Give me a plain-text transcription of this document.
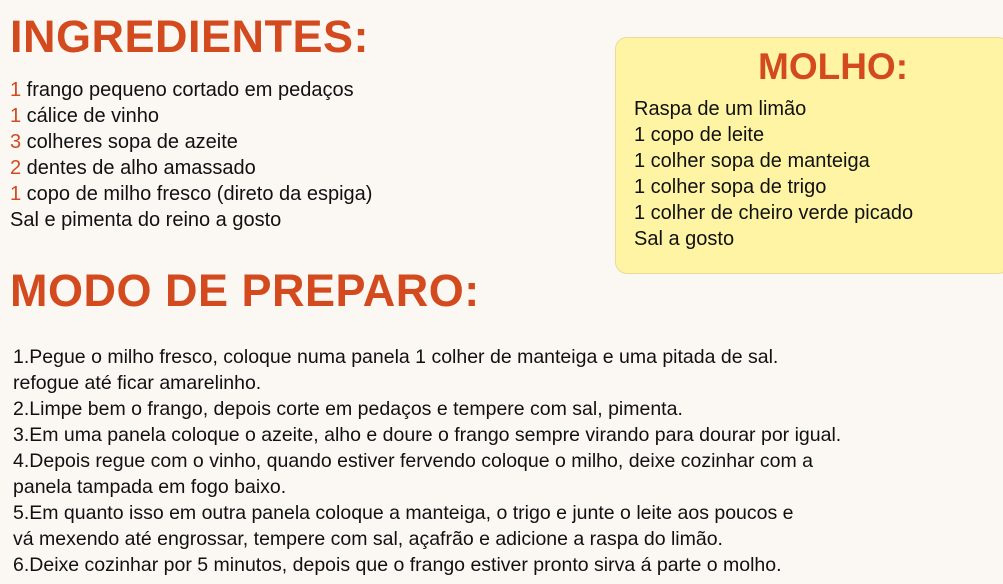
INGREDIENTES:
1 frango pequeno cortado em pedaços
1 cálice de vinho
3 colheres sopa de azeite
2 dentes de alho amassado
1 copo de milho fresco (direto da espiga)
Sal e pimenta do reino a gosto
MOLHO:
Raspa de um limão
1 copo de leite
1 colher sopa de manteiga
1 colher sopa de trigo
1 colher de cheiro verde picado
Sal a gosto
MODO DE PREPARO:

1.Pegue o milho fresco, coloque numa panela 1 colher de manteiga e uma pitada de sal.

refogue até ficar amarelinho.

2.Limpe bem o frango, depois corte em pedaços e tempere com sal, pimenta.

3.Em uma panela coloque o azeite, alho e doure o frango sempre virando para dourar por igual.

4.Depois regue com o vinho, quando estiver fervendo coloque o milho, deixe cozinhar com a

panela tampada em fogo baixo.

5.Em quanto isso em outra panela coloque a manteiga, o trigo e junte o leite aos poucos e

vá mexendo até engrossar, tempere com sal, açafrão e adicione a raspa do limão.

6.Deixe cozinhar por 5 minutos, depois que o frango estiver pronto sirva á parte o molho.
